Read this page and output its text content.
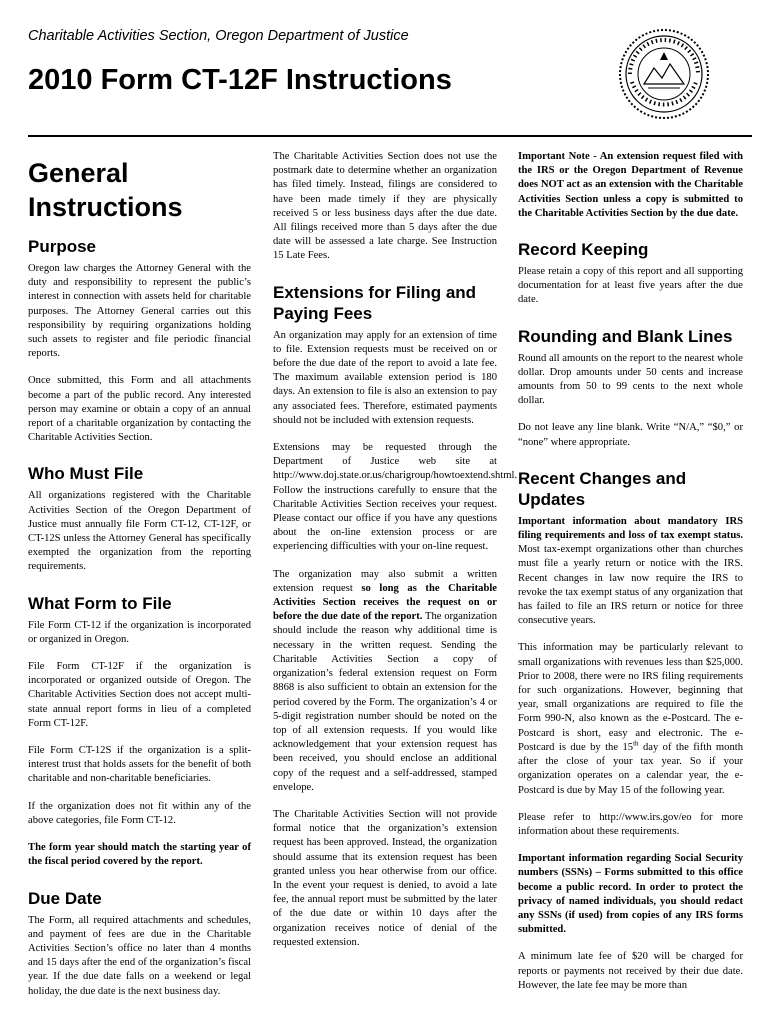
Charitable Activities Section, Oregon Department of Justice
2010 Form CT-12F Instructions
General Instructions
Purpose

Oregon law charges the Attorney General with the duty and responsibility to represent the public’s interest in connection with assets held for charitable purposes. The Attorney General carries out this responsibility by requiring organizations holding such assets to register and file periodic financial reports.

Once submitted, this Form and all attachments become a part of the public record. Any interested person may examine or obtain a copy of an annual report of a charitable organization by contacting the Charitable Activities Section.

Who Must File

All organizations registered with the Charitable Activities Section of the Oregon Department of Justice must annually file Form CT-12, CT-12F, or CT-12S unless the Attorney General has specifically exempted the organization from the reporting requirements.

What Form to File

File Form CT-12 if the organization is incorporated or organized in Oregon.

File Form CT-12F if the organization is incorporated or organized outside of Oregon. The Charitable Activities Section does not accept multi-state annual report forms in lieu of a completed Form CT-12F.

File Form CT-12S if the organization is a split-interest trust that holds assets for the benefit of both charitable and non-charitable beneficiaries.

If the organization does not fit within any of the above categories, file Form CT-12.

The form year should match the starting year of the fiscal period covered by the report.

Due Date

The Form, all required attachments and schedules, and payment of fees are due in the Charitable Activities Section’s office no later than 4 months and 15 days after the end of the organization’s fiscal year. If the due date falls on a weekend or legal holiday, the due date is the next business day.

The Charitable Activities Section does not use the postmark date to determine whether an organization has filed timely. Instead, filings are considered to have been made timely if they are physically received 5 or less business days after the due date. All filings received more than 5 days after the due date will be assessed a late charge. See Instruction 15 Late Fees.

Extensions for Filing and Paying Fees

An organization may apply for an extension of time to file. Extension requests must be received on or before the due date of the report to avoid a late fee. The maximum available extension period is 180 days. An extension to file is also an extension to pay any associated fees. Therefore, estimated payments should not be included with extension requests.

Extensions may be requested through the Department of Justice web site at http://www.doj.state.or.us/charigroup/howtoextend.shtml. Follow the instructions carefully to ensure that the Charitable Activities Section receives your request. Please contact our office if you have any questions about the on-line extension process or are experiencing difficulties with your on-line request.

The organization may also submit a written extension request so long as the Charitable Activities Section receives the request on or before the due date of the report. The organization should include the reason why additional time is necessary in the written request. Sending the Charitable Activities Section a copy of organization’s federal extension request on Form 8868 is also sufficient to obtain an extension for the period covered by the Form. The organization’s 4 or 5-digit registration number should be noted on the top of all extension requests. If you would like acknowledgement that your extension request has been received, you should enclose an additional copy of the request and a self-addressed, stamped envelope.

The Charitable Activities Section will not provide formal notice that the organization’s extension request has been approved. Instead, the organization should assume that its extension request has been granted unless you hear otherwise from our office. In the event your request is denied, to avoid a late fee, the annual report must be submitted by the later of the due date or within 10 days after the organization receives notice of denial of the requested extension.

Important Note - An extension request filed with the IRS or the Oregon Department of Revenue does NOT act as an extension with the Charitable Activities Section unless a copy is submitted to the Charitable Activities Section by the due date.

Record Keeping

Please retain a copy of this report and all supporting documentation for at least five years after the due date.

Rounding and Blank Lines

Round all amounts on the report to the nearest whole dollar. Drop amounts under 50 cents and increase amounts from 50 to 99 cents to the next whole dollar.

Do not leave any line blank. Write “N/A,” “$0,” or “none” where appropriate.

Recent Changes and Updates

Important information about mandatory IRS filing requirements and loss of tax exempt status. Most tax-exempt organizations other than churches must file a yearly return or notice with the IRS. Recent changes in law now require the IRS to revoke the tax exempt status of any organization that has failed to file an IRS return or notice for three consecutive years.

This information may be particularly relevant to small organizations with revenues less than $25,000. Prior to 2008, there were no IRS filing requirements for such organizations. However, beginning that year, small organizations are required to file the Form 990-N, also known as the e-Postcard. The e-Postcard is short, easy and electronic. The e-Postcard is due by the 15th day of the fifth month after the close of your tax year. So if your organization operates on a calendar year, the e-Postcard is due by May 15 of the following year.

Please refer to http://www.irs.gov/eo for more information about these requirements.

Important information regarding Social Security numbers (SSNs) – Forms submitted to this office become a public record. In order to protect the privacy of named individuals, you should redact any SSNs (if used) from copies of any IRS forms submitted.

A minimum late fee of $20 will be charged for reports or payments not received by their due date. However, the late fee may be more than
